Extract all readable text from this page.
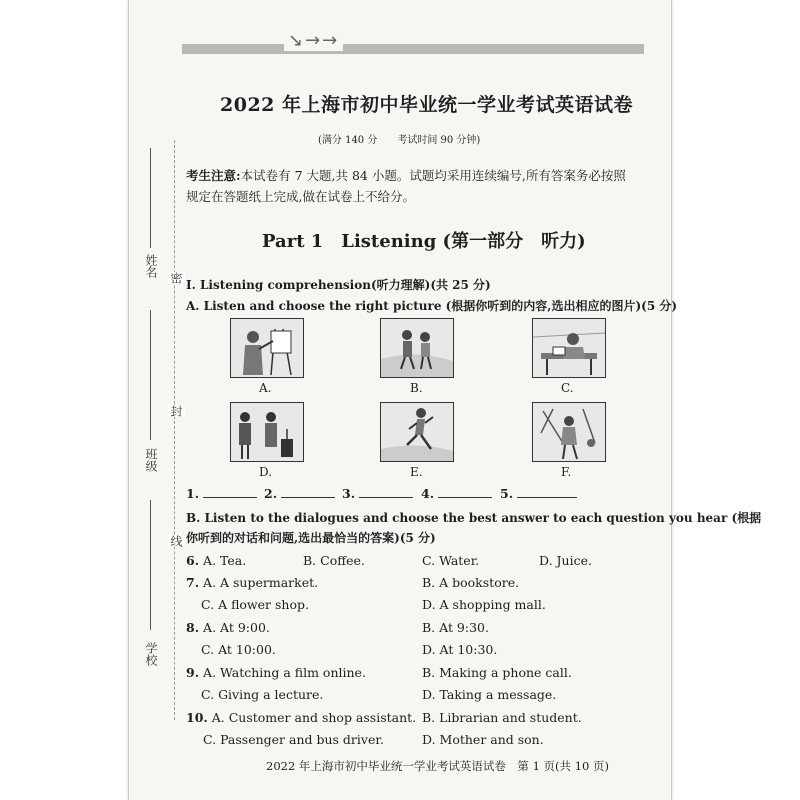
姓名
班级
学校
密
封
线
↘→→
2022 年上海市初中毕业统一学业考试英语试卷
(满分 140 分　　考试时间 90 分钟)
考生注意:本试卷有 7 大题,共 84 小题。试题均采用连续编号,所有答案务必按照规定在答题纸上完成,做在试卷上不给分。
Part 1　Listening (第一部分　听力)
Ⅰ. Listening comprehension(听力理解)(共 25 分)
A. Listen and choose the right picture (根据你听到的内容,选出相应的图片)(5 分)
A.	B.	C.
D.	E.	F.
1.	2.	3.	4.	5.
B. Listen to the dialogues and choose the best answer to each question you hear (根据
你听到的对话和问题,选出最恰当的答案)(5 分)
6. A. Tea.	B. Coffee.	C. Water.	D. Juice.
7. A. A supermarket.	B. A bookstore.
C. A flower shop.	D. A shopping mall.
8. A. At 9:00.	B. At 9:30.
C. At 10:00.	D. At 10:30.
9. A. Watching a film online.	B. Making a phone call.
C. Giving a lecture.	D. Taking a message.
10. A. Customer and shop assistant. B. Librarian and student.
C. Passenger and bus driver.	D. Mother and son.
2022 年上海市初中毕业统一学业考试英语试卷　第 1 页(共 10 页)
